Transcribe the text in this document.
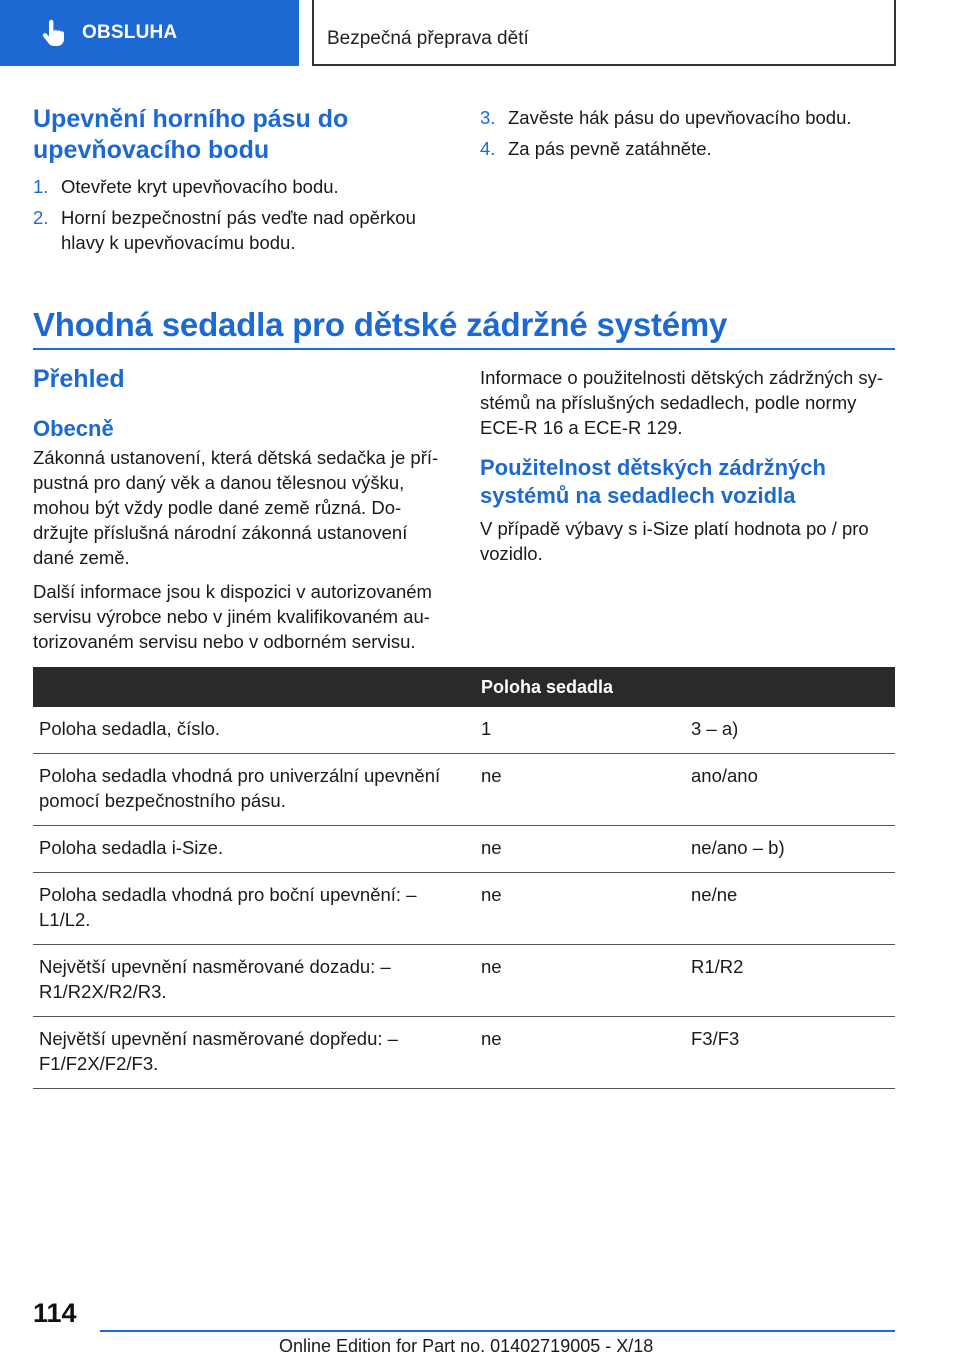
OBSLUHA	Bezpečná přeprava dětí
Upevnění horního pásu do upevňovacího bodu
1. Otevřete kryt upevňovacího bodu.
2. Horní bezpečnostní pás veďte nad opěrkou hlavy k upevňovacímu bodu.
3. Zavěste hák pásu do upevňovacího bodu.
4. Za pás pevně zatáhněte.
Vhodná sedadla pro dětské zádržné systémy
Přehled
Obecně

Zákonná ustanovení, která dětská sedačka je přípustná pro daný věk a danou tělesnou výšku, mohou být vždy podle dané země různá. Dodržujte příslušná národní zákonná ustanovení dané země.

Další informace jsou k dispozici v autorizovaném servisu výrobce nebo v jiném kvalifikovaném autorizovaném servisu nebo v odborném servisu.

Informace o použitelnosti dětských zádržných systémů na příslušných sedadlech, podle normy ECE-R 16 a ECE-R 129.

Použitelnost dětských zádržných systémů na sedadlech vozidla

V případě výbavy s i-Size platí hodnota po / pro vozidlo.

	Poloha sedadla	
Poloha sedadla, číslo.	1	3 – a)
Poloha sedadla vhodná pro univerzální upevnění pomocí bezpečnostního pásu.	ne	ano/ano
Poloha sedadla i-Size.	ne	ne/ano – b)
Poloha sedadla vhodná pro boční upevnění: – L1/L2.	ne	ne/ne
Největší upevnění nasměrované dozadu: – R1/R2X/R2/R3.	ne	R1/R2
Největší upevnění nasměrované dopředu: – F1/F2X/F2/F3.	ne	F3/F3
114
Online Edition for Part no. 01402719005 - X/18
